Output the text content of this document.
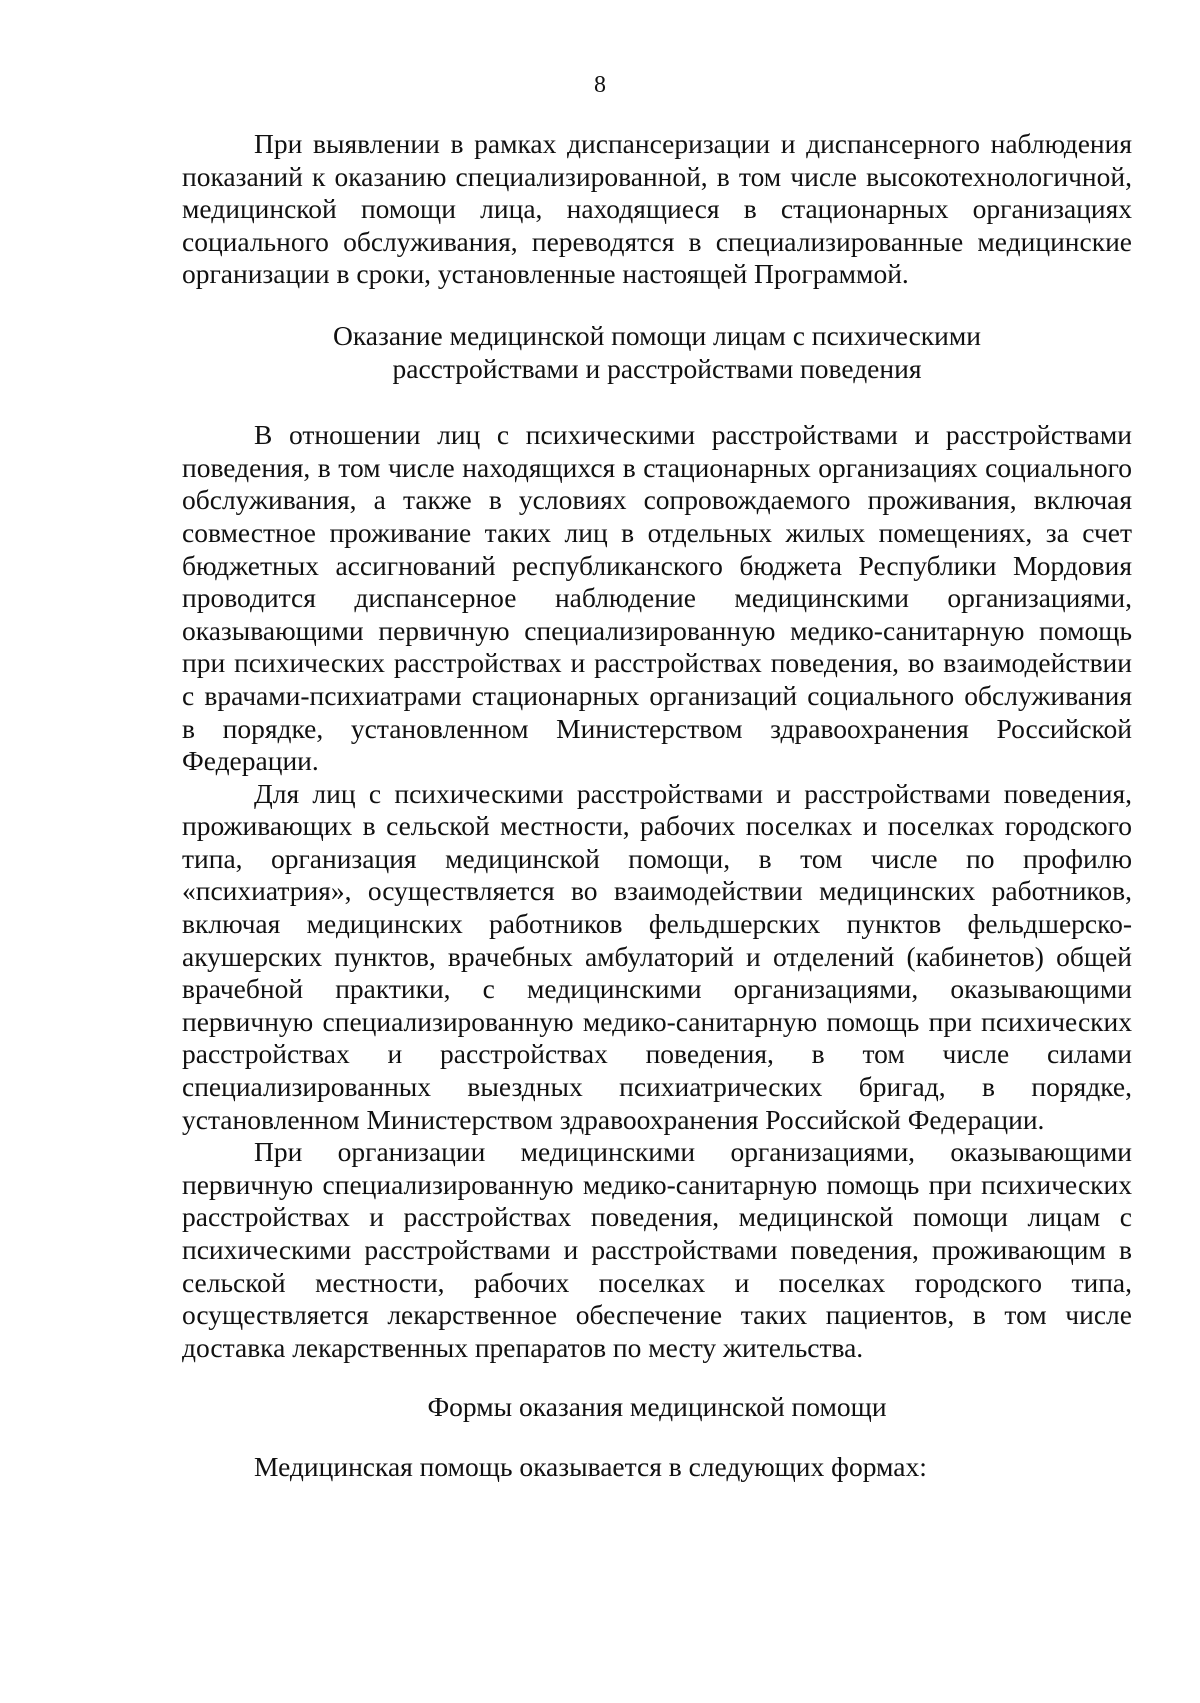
8

При выявлении в рамках диспансеризации и диспансерного наблюдения показаний к оказанию специализированной, в том числе высокотехнологичной, медицинской помощи лица, находящиеся в стационарных организациях социального обслуживания, переводятся в специализированные медицинские организации в сроки, установленные настоящей Программой.

Оказание медицинской помощи лицам с психическими
расстройствами и расстройствами поведения

В отношении лиц с психическими расстройствами и расстройствами поведения, в том числе находящихся в стационарных организациях социального обслуживания, а также в условиях сопровождаемого проживания, включая совместное проживание таких лиц в отдельных жилых помещениях, за счет бюджетных ассигнований республиканского бюджета Республики Мордовия проводится диспансерное наблюдение медицинскими организациями, оказывающими первичную специализированную медико-санитарную помощь при психических расстройствах и расстройствах поведения, во взаимодействии с врачами-психиатрами стационарных организаций социального обслуживания в порядке, установленном Министерством здравоохранения Российской Федерации.

Для лиц с психическими расстройствами и расстройствами поведения, проживающих в сельской местности, рабочих поселках и поселках городского типа, организация медицинской помощи, в том числе по профилю «психиатрия», осуществляется во взаимодействии медицинских работников, включая медицинских работников фельдшерских пунктов фельдшерско-акушерских пунктов, врачебных амбулаторий и отделений (кабинетов) общей врачебной практики, с медицинскими организациями, оказывающими первичную специализированную медико-санитарную помощь при психических расстройствах и расстройствах поведения, в том числе силами специализированных выездных психиатрических бригад, в порядке, установленном Министерством здравоохранения Российской Федерации.

При организации медицинскими организациями, оказывающими первичную специализированную медико-санитарную помощь при психических расстройствах и расстройствах поведения, медицинской помощи лицам с психическими расстройствами и расстройствами поведения, проживающим в сельской местности, рабочих поселках и поселках городского типа, осуществляется лекарственное обеспечение таких пациентов, в том числе доставка лекарственных препаратов по месту жительства.

Формы оказания медицинской помощи

Медицинская помощь оказывается в следующих формах:
